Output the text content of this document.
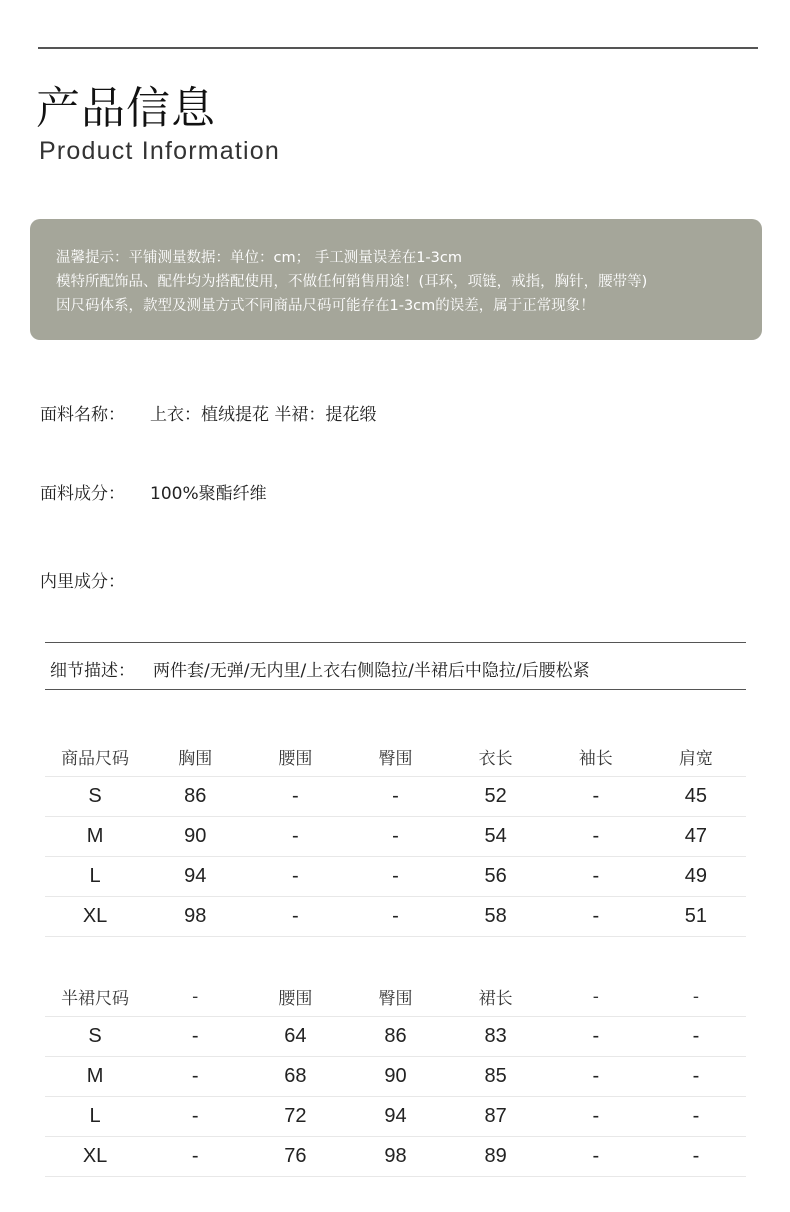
产品信息
Product Information
温馨提示：平铺测量数据：单位：cm； 手工测量误差在1-3cm
模特所配饰品、配件均为搭配使用，不做任何销售用途！(耳环，项链，戒指，胸针，腰带等)
因尺码体系，款型及测量方式不同商品尺码可能存在1-3cm的误差，属于正常现象！
面料名称： 上衣：植绒提花 半裙：提花缎
面料成分： 100%聚酯纤维
内里成分：
细节描述： 两件套/无弹/无内里/上衣右侧隐拉/半裙后中隐拉/后腰松紧
商品尺码	胸围	腰围	臀围	衣长	袖长	肩宽
S	86	-	-	52	-	45
M	90	-	-	54	-	47
L	94	-	-	56	-	49
XL	98	-	-	58	-	51
半裙尺码	-	腰围	臀围	裙长	-	-
S	-	64	86	83	-	-
M	-	68	90	85	-	-
L	-	72	94	87	-	-
XL	-	76	98	89	-	-
